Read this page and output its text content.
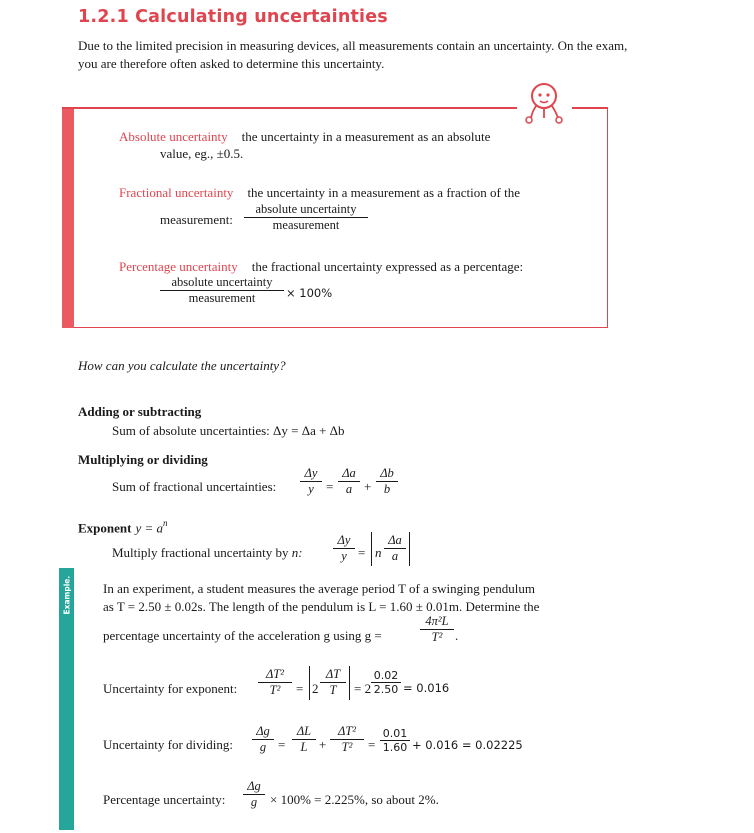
1.2.1 Calculating uncertainties
Due to the limited precision in measuring devices, all measurements contain an uncertainty. On the exam, you are therefore often asked to determine this uncertainty.
Absolute uncertainty the uncertainty in a measurement as an absolute
value, eg., ±0.5.
Fractional uncertainty the uncertainty in a measurement as a fraction of the
measurement:
absolute uncertainty
measurement
Percentage uncertainty the fractional uncertainty expressed as a percentage:
absolute uncertainty
measurement	× 100%
How can you calculate the uncertainty?
Adding or subtracting
Sum of absolute uncertainties: Δy = Δa + Δb
Multiplying or dividing
Sum of fractional uncertainties:
Δy
y =
Δa
a +
Δb
b
Exponent $y = a^n$
Multiply fractional uncertainty by n:
Δy
y = n
Δa
a
Example. In an experiment, a student measures the average period T of a swinging pendulum
as T = 2.50 ± 0.02s. The length of the pendulum is L = 1.60 ± 0.01m. Determine the
percentage uncertainty of the acceleration g using g =
4π²L
T² .
Uncertainty for exponent:
ΔT²
T²	= 2
ΔT
T	= 2
0.02
2.50 = 0.016
Uncertainty for dividing:
Δg
g =
ΔL
L +
ΔT²
T²	=
0.01
1.60 + 0.016 = 0.02225
Percentage uncertainty:
Δg
g × 100% = 2.225%, so about 2%.
